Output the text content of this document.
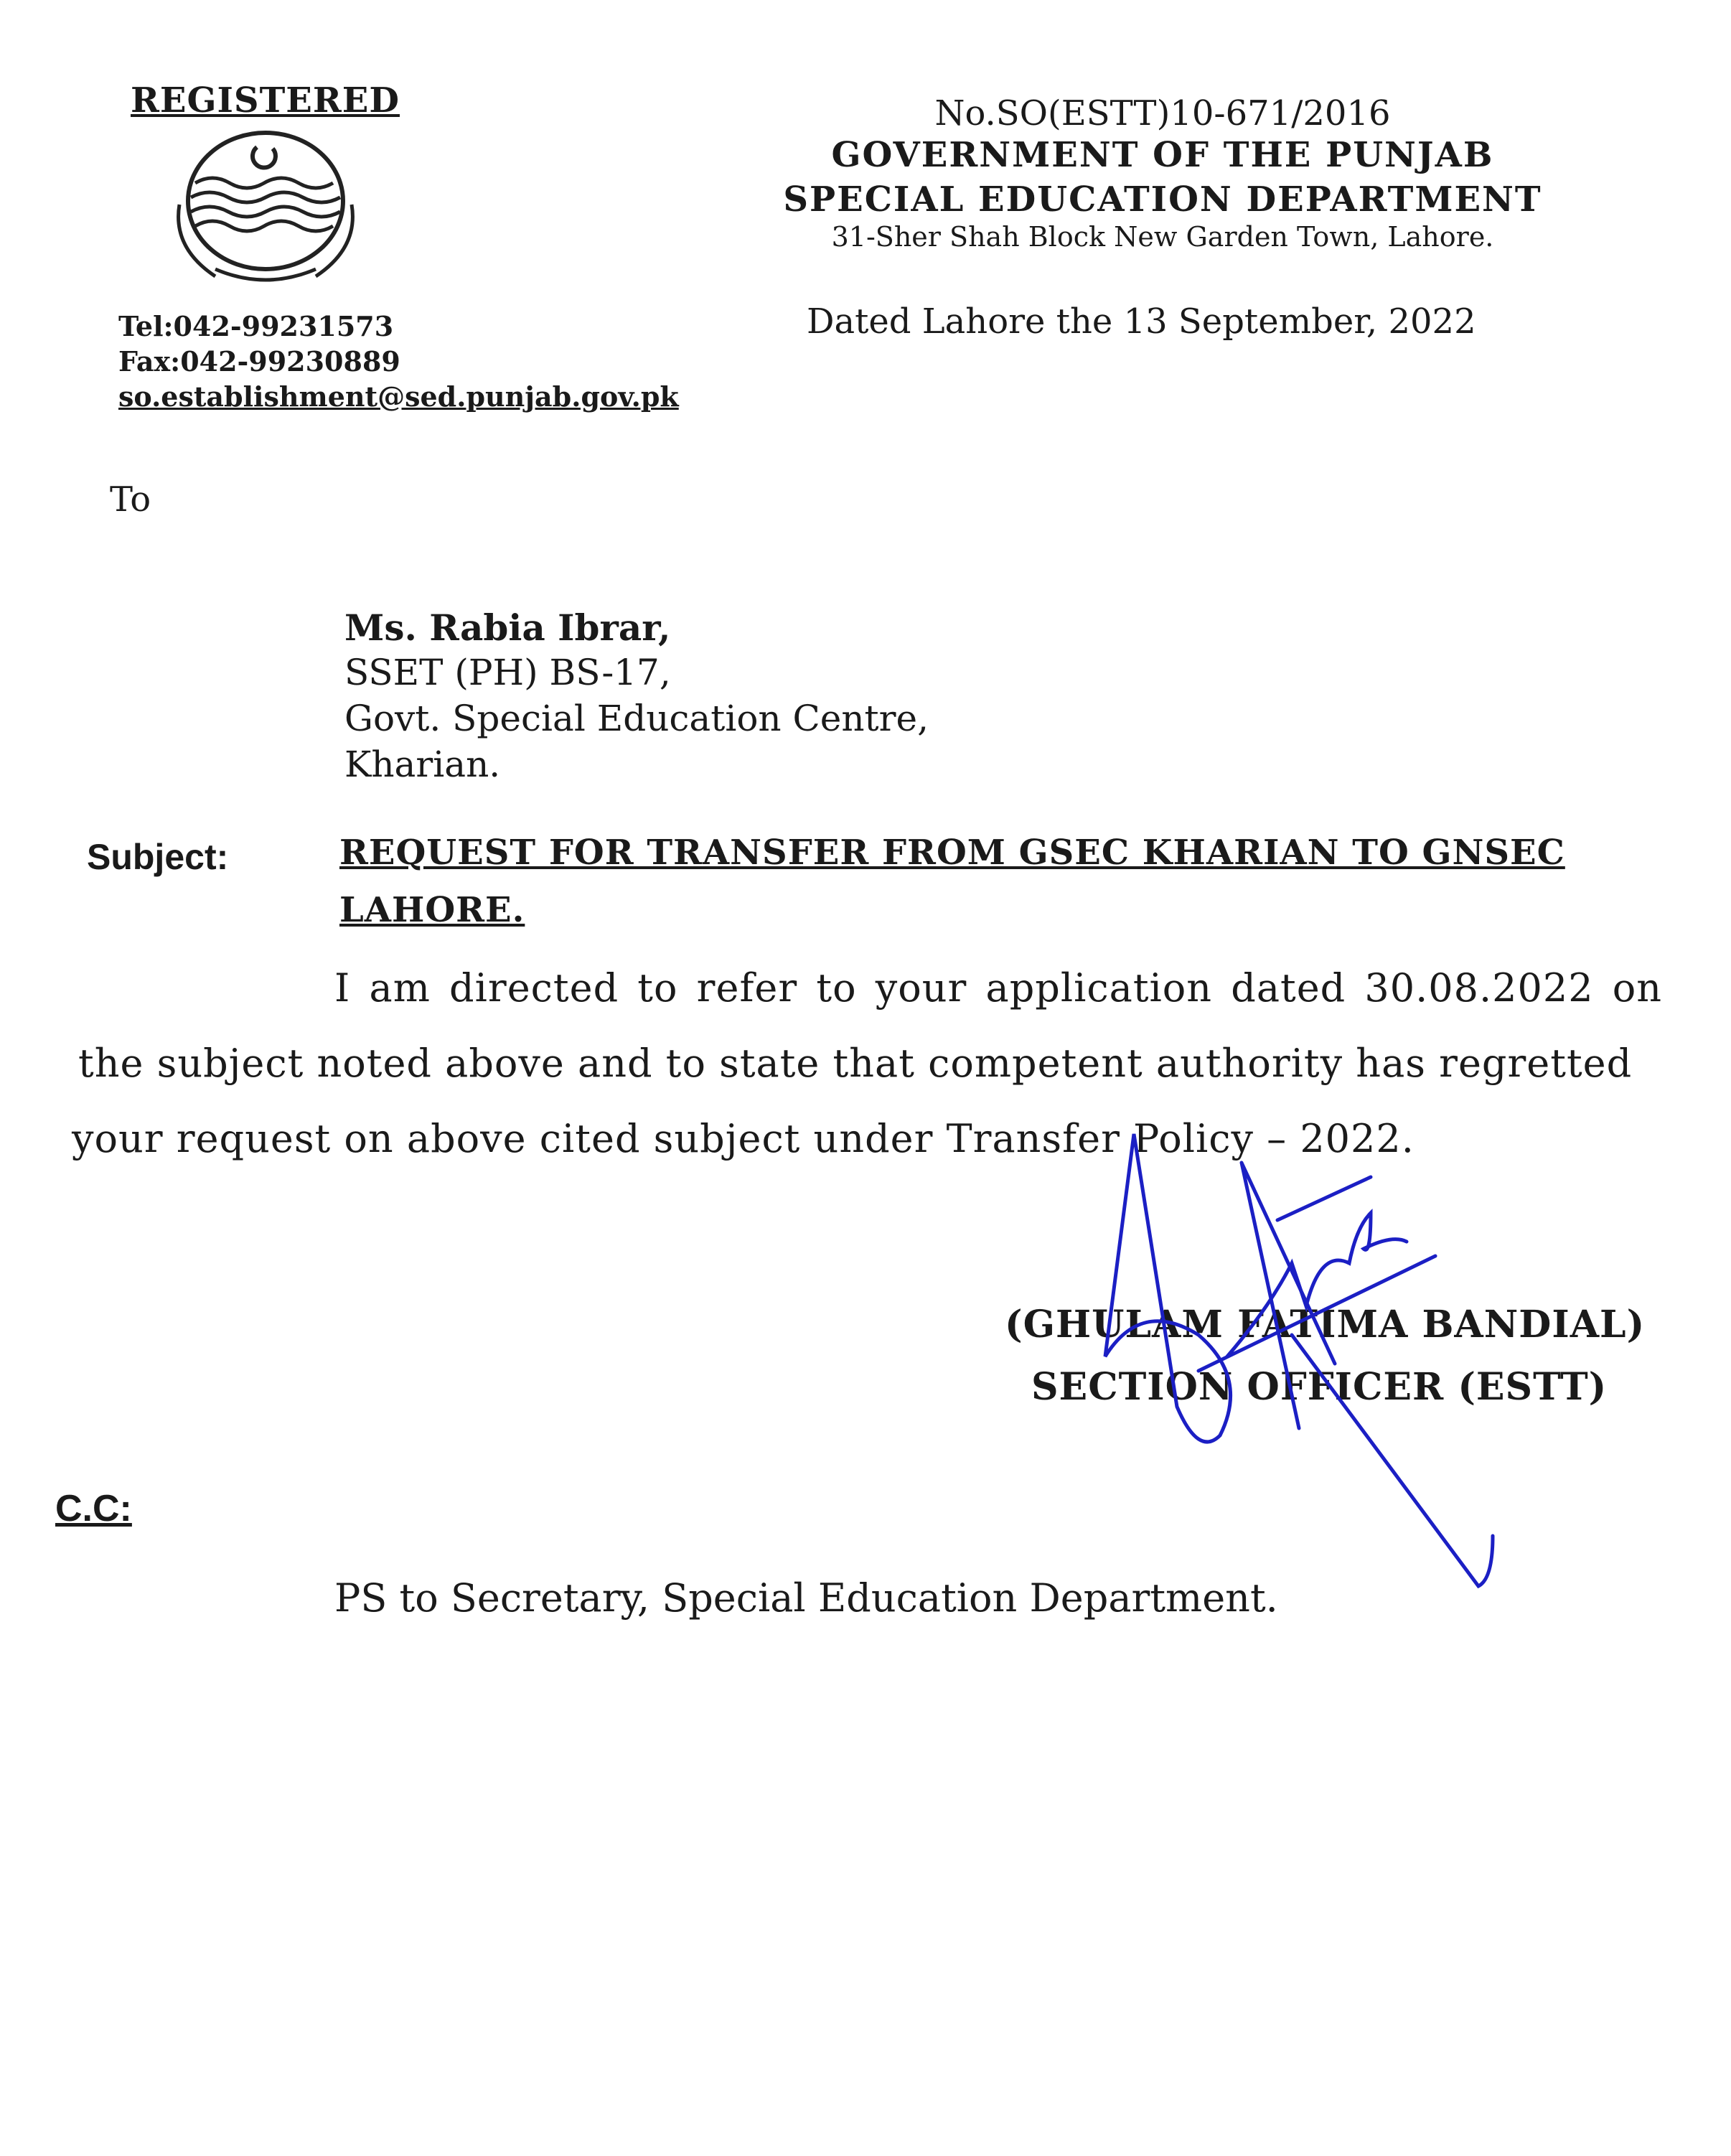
REGISTERED
Tel:042-99231573
Fax:042-99230889
so.establishment@sed.punjab.gov.pk
No.SO(ESTT)10-671/2016
GOVERNMENT OF THE PUNJAB
SPECIAL EDUCATION DEPARTMENT
31-Sher Shah Block New Garden Town, Lahore.
Dated Lahore the 13 September, 2022
To
Ms. Rabia Ibrar,
SSET (PH) BS-17,
Govt. Special Education Centre,
Kharian.
Subject:	REQUEST FOR TRANSFER FROM GSEC KHARIAN TO GNSEC
LAHORE.
I am directed to refer to your application dated 30.08.2022 on
the subject noted above and to state that competent authority has regretted
your request on above cited subject under Transfer Policy – 2022.
(GHULAM FATIMA BANDIAL)
SECTION OFFICER (ESTT)
C.C:
PS to Secretary, Special Education Department.
